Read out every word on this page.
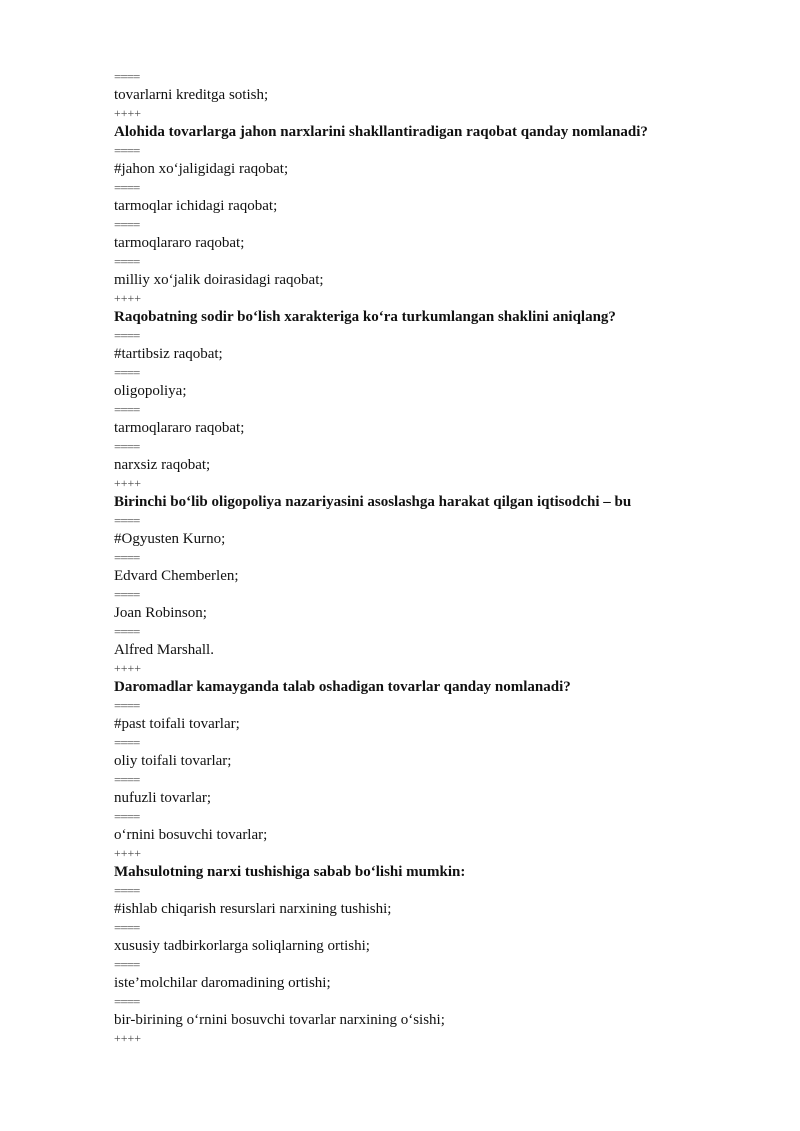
====
tovarlarni kreditga sotish;
++++
Alohida tovarlarga jahon narxlarini shakllantiradigan raqobat qanday nomlanadi?
====
#jahon xo‘jaligidagi raqobat;
====
tarmoqlar ichidagi raqobat;
====
tarmoqlararo raqobat;
====
milliy xo‘jalik doirasidagi raqobat;
++++
Raqobatning sodir bo‘lish xarakteriga ko‘ra turkumlangan shaklini aniqlang?
====
#tartibsiz raqobat;
====
oligopoliya;
====
tarmoqlararo raqobat;
====
narxsiz raqobat;
++++
Birinchi bo‘lib oligopoliya nazariyasini asoslashga harakat qilgan iqtisodchi – bu
====
#Ogyusten Kurno;
====
Edvard Chemberlen;
====
Joan Robinson;
====
Alfred Marshall.
++++
Daromadlar kamayganda talab oshadigan tovarlar qanday nomlanadi?
====
#past toifali tovarlar;
====
oliy toifali tovarlar;
====
nufuzli tovarlar;
====
o‘rnini bosuvchi tovarlar;
++++
Mahsulotning narxi tushishiga sabab bo‘lishi mumkin:
====
#ishlab chiqarish resurslari narxining tushishi;
====
xususiy tadbirkorlarga soliqlarning ortishi;
====
iste’molchilar daromadining ortishi;
====
bir-birining o‘rnini bosuvchi tovarlar narxining o‘sishi;
++++
